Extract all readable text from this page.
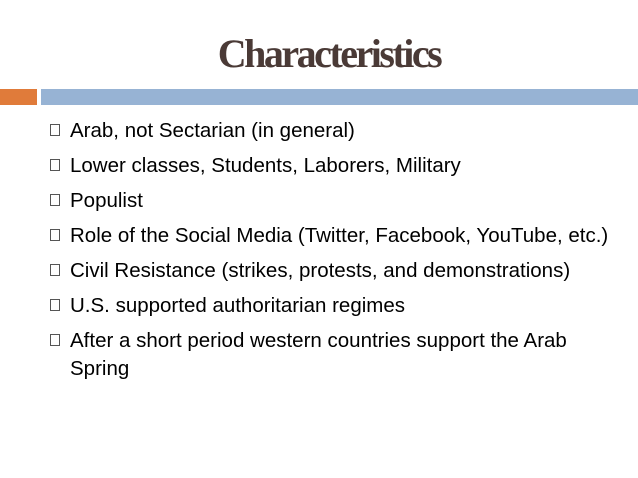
Characteristics
Arab, not Sectarian (in general)
Lower classes, Students, Laborers, Military
Populist
Role of the Social Media (Twitter, Facebook, YouTube, etc.)
Civil Resistance (strikes, protests, and demonstrations)
U.S. supported authoritarian regimes
After a short period western countries support the Arab Spring
